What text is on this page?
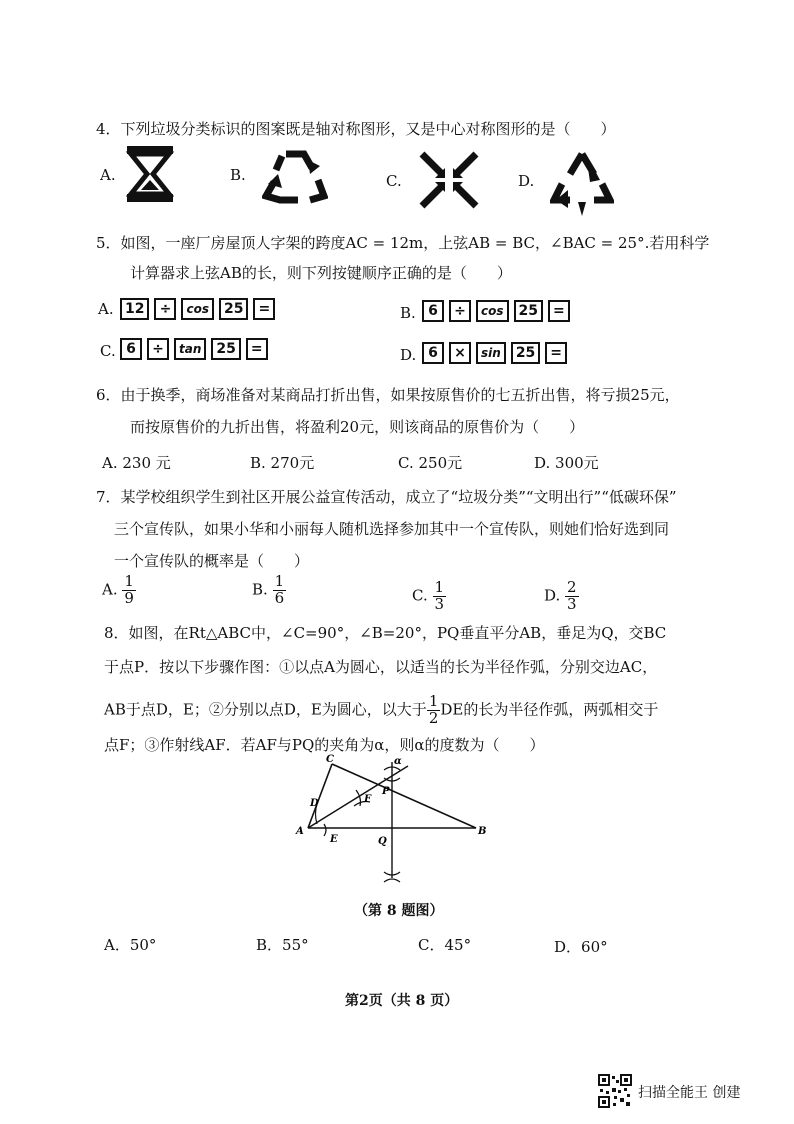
4．下列垃圾分类标识的图案既是轴对称图形，又是中心对称图形的是（　　）
A.	B.	C.	D.
5．如图，一座厂房屋顶人字架的跨度AC = 12m，上弦AB = BC，∠BAC = 25°.若用科学
计算器求上弦AB的长，则下列按键顺序正确的是（　　）
A. 12	÷	cos	25	=	B. 6	÷	cos	25	=
C. 6	÷	tan	25	=	D. 6	×	sin	25	=
6．由于换季，商场准备对某商品打折出售，如果按原售价的七五折出售，将亏损25元，
而按原售价的九折出售，将盈利20元，则该商品的原售价为（　　）
A. 230 元	B. 270元	C. 250元	D. 300元
7．某学校组织学生到社区开展公益宣传活动，成立了“垃圾分类”“文明出行”“低碳环保”
三个宣传队，如果小华和小丽每人随机选择参加其中一个宣传队，则她们恰好选到同
一个宣传队的概率是（　　）
A. $\frac{1}{9}$	B. $\frac{1}{6}$	C. $\frac{1}{3}$	D. $\frac{2}{3}$
8．如图，在Rt△ABC中，∠C=90°，∠B=20°，PQ垂直平分AB，垂足为Q，交BC
于点P．按以下步骤作图：①以点A为圆心，以适当的长为半径作弧，分别交边AC，
AB于点D，E；②分别以点D，E为圆心，以大于 $\frac{1}{2}$ DE的长为半径作弧，两弧相交于
点F；③作射线AF．若AF与PQ的夹角为α，则α的度数为（　　）
C
D	F
P
α
A
E	Q
B
（第 8 题图）
A．50°	B．55°	C．45°	D．60°
第2页（共 8 页）
扫描全能王 创建
